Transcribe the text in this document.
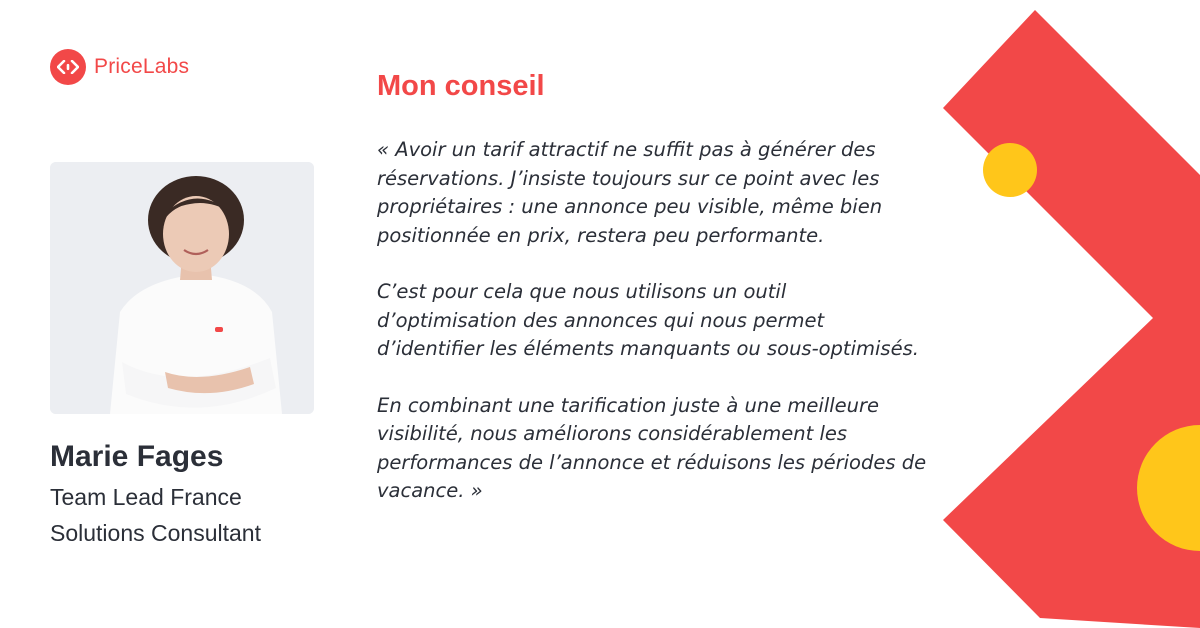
PriceLabs
Marie Fages
Team Lead France
Solutions Consultant
Mon conseil

« Avoir un tarif attractif ne suffit pas à générer des
réservations. J’insiste toujours sur ce point avec les
propriétaires : une annonce peu visible, même bien
positionnée en prix, restera peu performante.

C’est pour cela que nous utilisons un outil
d’optimisation des annonces qui nous permet
d’identifier les éléments manquants ou sous-optimisés.

En combinant une tarification juste à une meilleure
visibilité, nous améliorons considérablement les
performances de l’annonce et réduisons les périodes de
vacance. »
